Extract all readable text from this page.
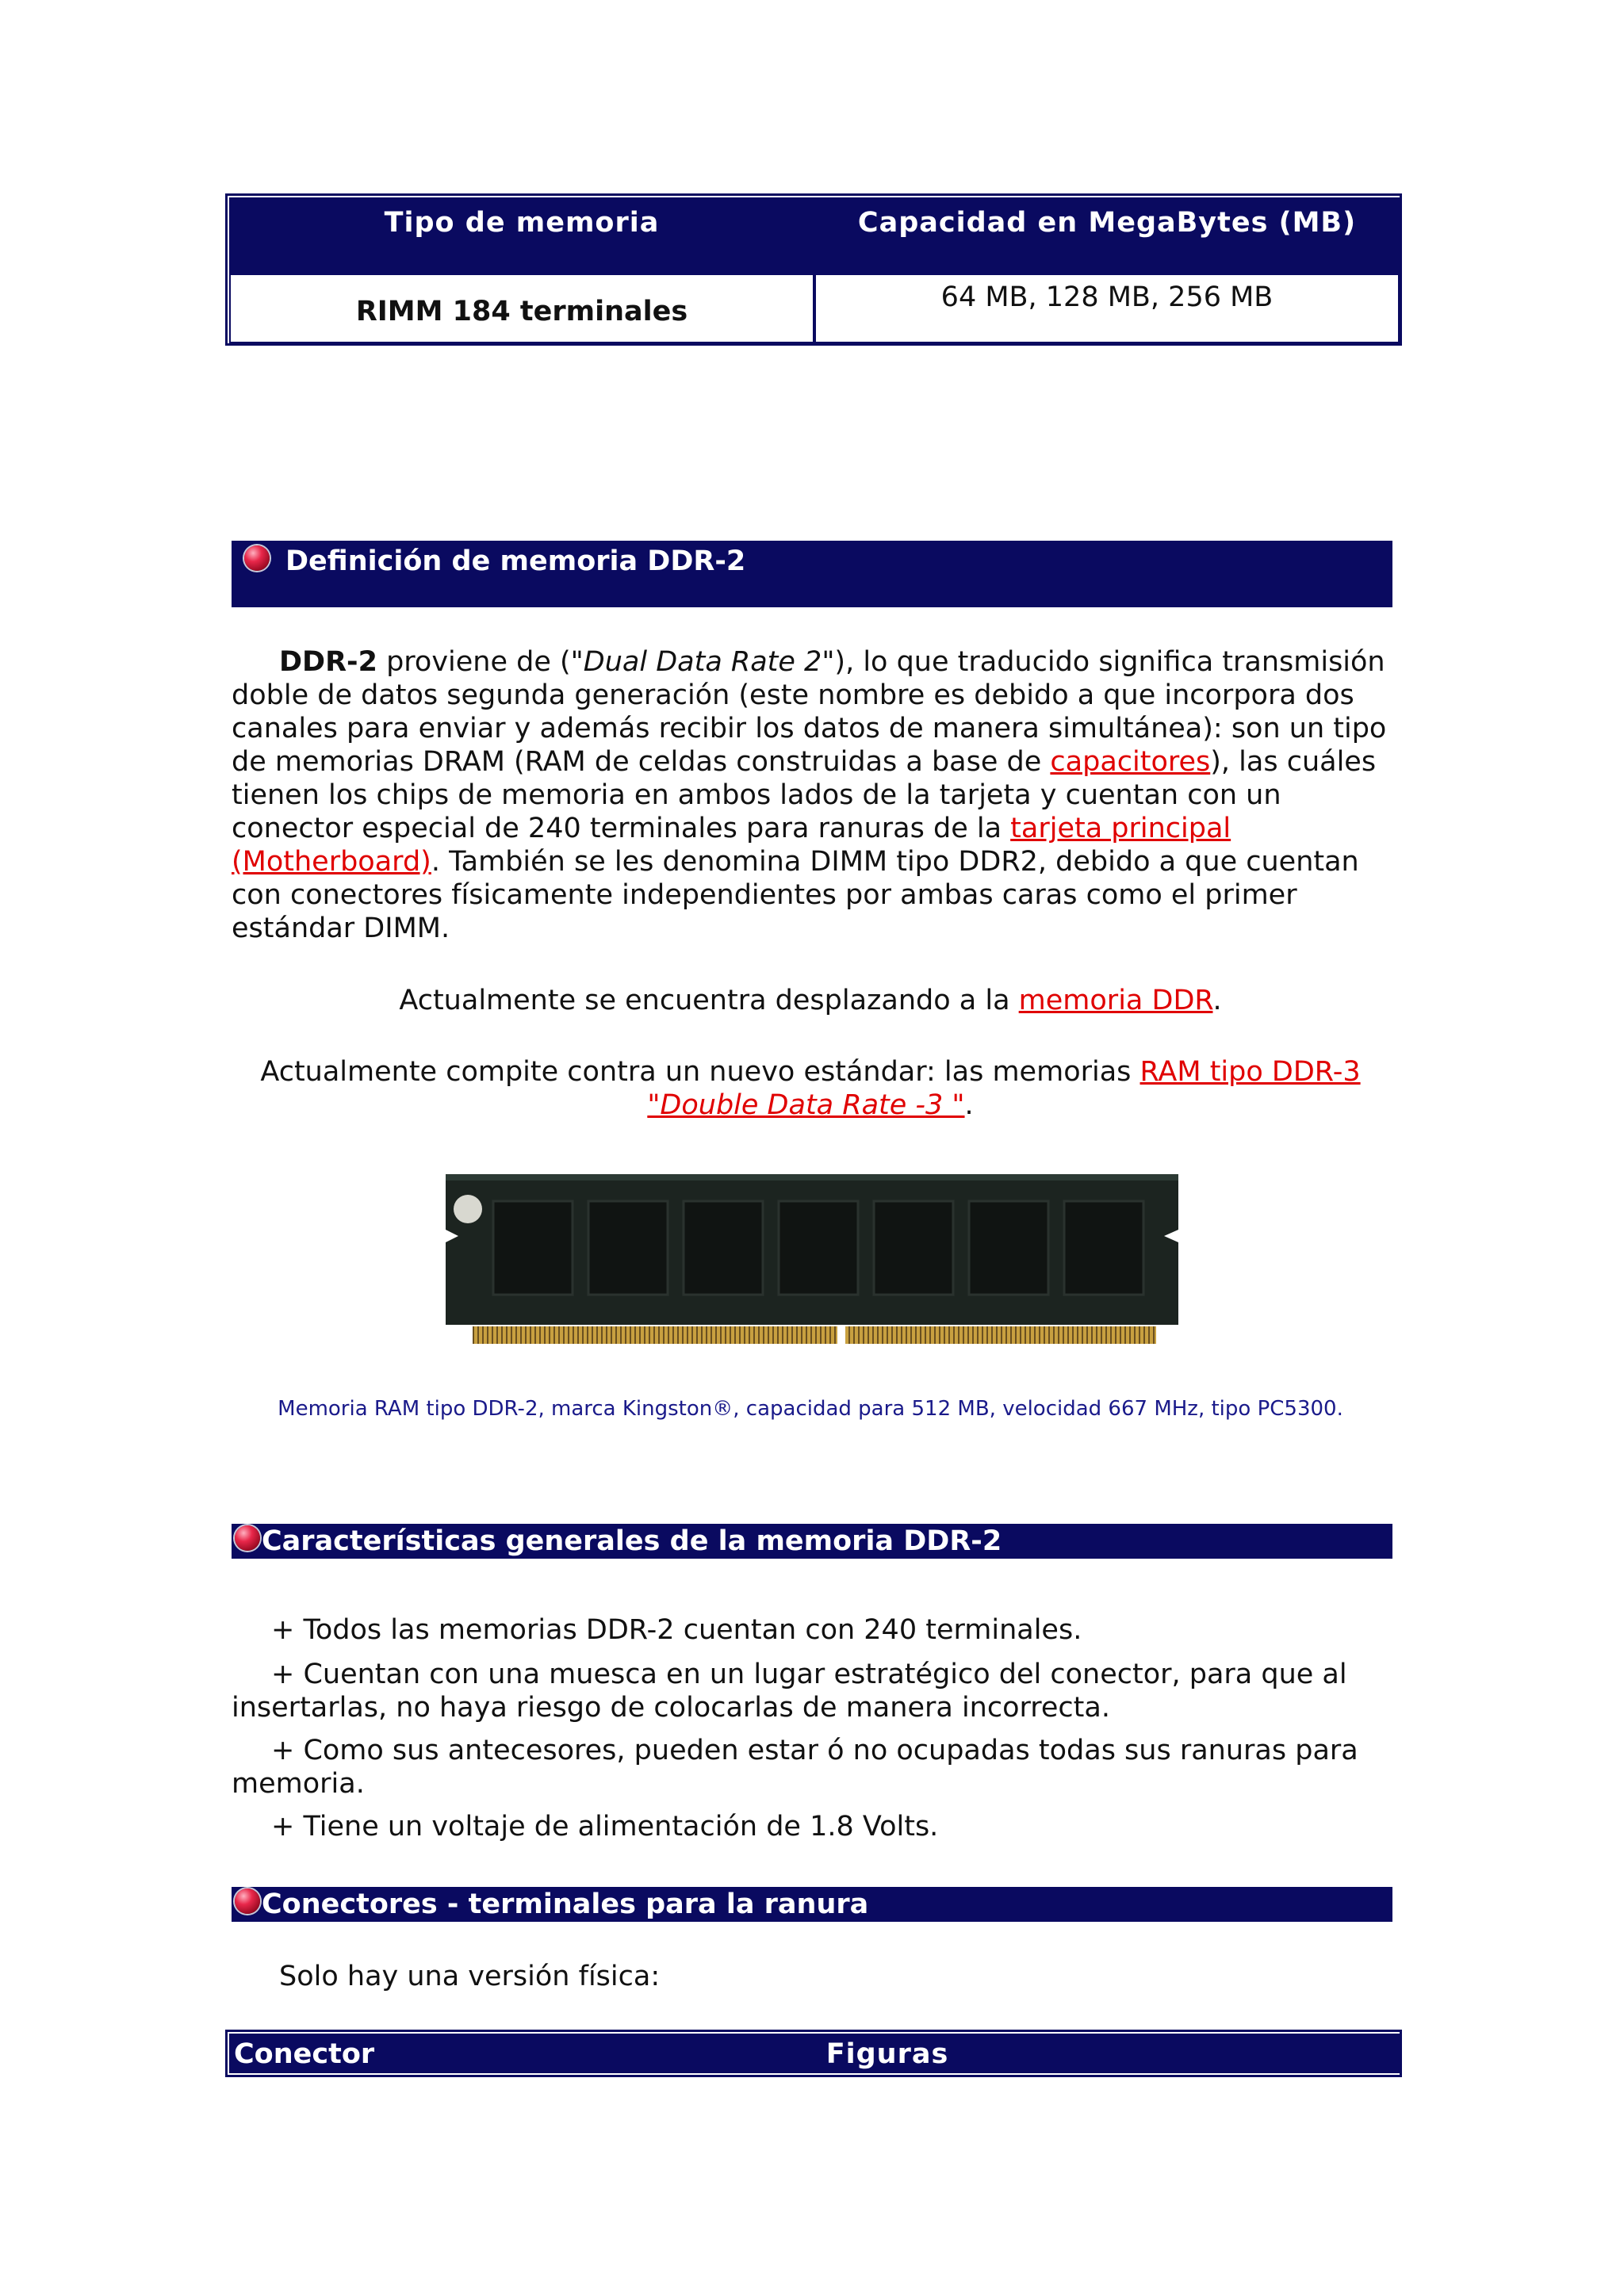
Tipo de memoria	Capacidad en MegaBytes (MB)
RIMM 184 terminales	64 MB, 128 MB, 256 MB
Definición de memoria DDR-2
DDR-2 proviene de ("Dual Data Rate 2"), lo que traducido significa transmisión doble de datos segunda generación (este nombre es debido a que incorpora dos canales para enviar y además recibir los datos de manera simultánea): son un tipo de memorias DRAM (RAM de celdas construidas a base de capacitores), las cuáles tienen los chips de memoria en ambos lados de la tarjeta y cuentan con un conector especial de 240 terminales para ranuras de la tarjeta principal (Motherboard). También se les denomina DIMM tipo DDR2, debido a que cuentan con conectores físicamente independientes por ambas caras como el primer estándar DIMM.
Actualmente se encuentra desplazando a la memoria DDR.
Actualmente compite contra un nuevo estándar: las memorias RAM tipo DDR-3
"Double Data Rate -3 ".
Memoria RAM tipo DDR-2, marca Kingston®, capacidad para 512 MB, velocidad 667 MHz, tipo PC5300.
Características generales de la memoria DDR-2
+ Todos las memorias DDR-2 cuentan con 240 terminales.
+ Cuentan con una muesca en un lugar estratégico del conector, para que al insertarlas, no haya riesgo de colocarlas de manera incorrecta.
+ Como sus antecesores, pueden estar ó no ocupadas todas sus ranuras para memoria.
+ Tiene un voltaje de alimentación de 1.8 Volts.
Conectores - terminales para la ranura
Solo hay una versión física:
Conector	Figuras
